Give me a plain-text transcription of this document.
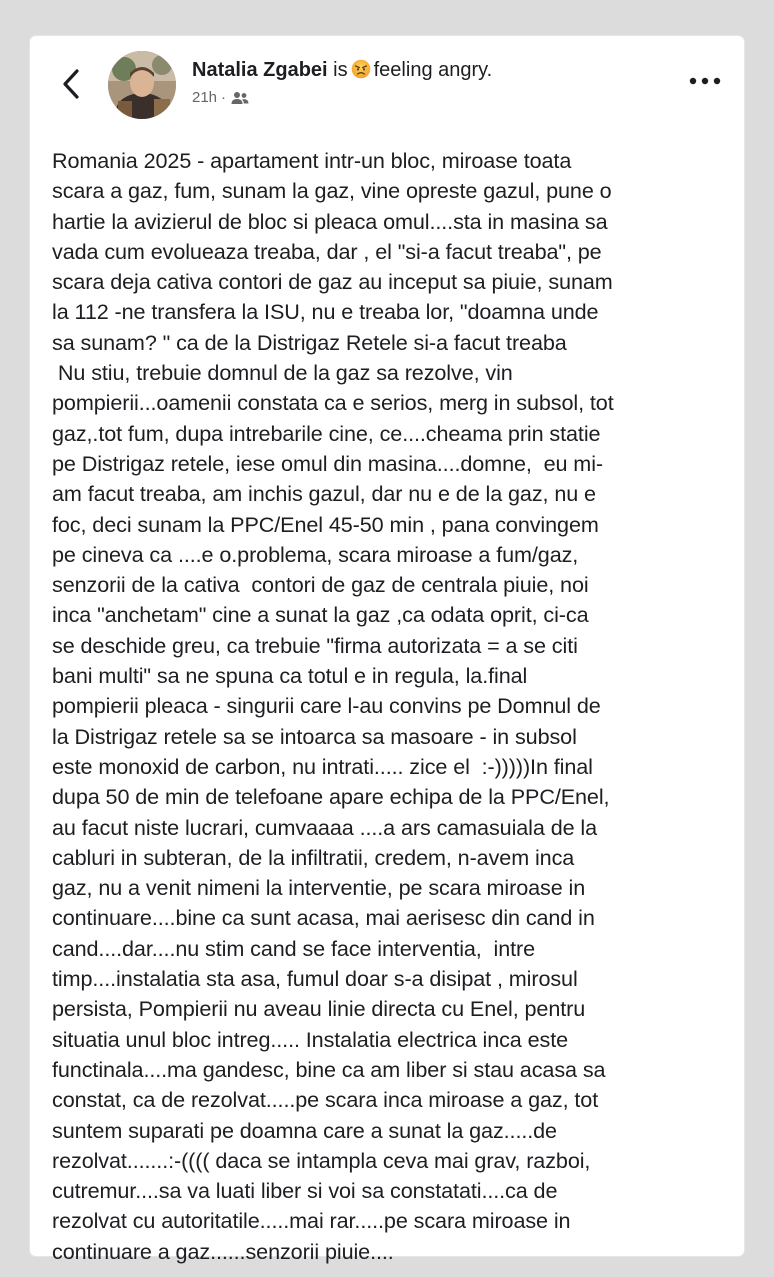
Natalia Zgabei is feeling angry.
21h ·
Romania 2025 - apartament intr-un bloc, miroase toata
scara a gaz, fum, sunam la gaz, vine opreste gazul, pune o
hartie la avizierul de bloc si pleaca omul....sta in masina sa
vada cum evolueaza treaba, dar , el "si-a facut treaba", pe
scara deja cativa contori de gaz au inceput sa piuie, sunam
la 112 -ne transfera la ISU, nu e treaba lor, "doamna unde
sa sunam? " ca de la Distrigaz Retele si-a facut treaba
Nu stiu, trebuie domnul de la gaz sa rezolve, vin
pompierii...oamenii constata ca e serios, merg in subsol, tot
gaz,.tot fum, dupa intrebarile cine, ce....cheama prin statie
pe Distrigaz retele, iese omul din masina....domne,  eu mi-
am facut treaba, am inchis gazul, dar nu e de la gaz, nu e
foc, deci sunam la PPC/Enel 45-50 min , pana convingem
pe cineva ca ....e o.problema, scara miroase a fum/gaz,
senzorii de la cativa  contori de gaz de centrala piuie, noi
inca "anchetam" cine a sunat la gaz ,ca odata oprit, ci-ca
se deschide greu, ca trebuie "firma autorizata = a se citi
bani multi" sa ne spuna ca totul e in regula, la.final
pompierii pleaca - singurii care l-au convins pe Domnul de
la Distrigaz retele sa se intoarca sa masoare - in subsol
este monoxid de carbon, nu intrati..... zice el  :-)))))In final
dupa 50 de min de telefoane apare echipa de la PPC/Enel,
au facut niste lucrari, cumvaaaa ....a ars camasuiala de la
cabluri in subteran, de la infiltratii, credem, n-avem inca
gaz, nu a venit nimeni la interventie, pe scara miroase in
continuare....bine ca sunt acasa, mai aerisesc din cand in
cand....dar....nu stim cand se face interventia,  intre
timp....instalatia sta asa, fumul doar s-a disipat , mirosul
persista, Pompierii nu aveau linie directa cu Enel, pentru
situatia unul bloc intreg..... Instalatia electrica inca este
functinala....ma gandesc, bine ca am liber si stau acasa sa
constat, ca de rezolvat.....pe scara inca miroase a gaz, tot
suntem suparati pe doamna care a sunat la gaz.....de
rezolvat.......:-(((( daca se intampla ceva mai grav, razboi,
cutremur....sa va luati liber si voi sa constatati....ca de
rezolvat cu autoritatile.....mai rar.....pe scara miroase in
continuare a gaz......senzorii piuie....
